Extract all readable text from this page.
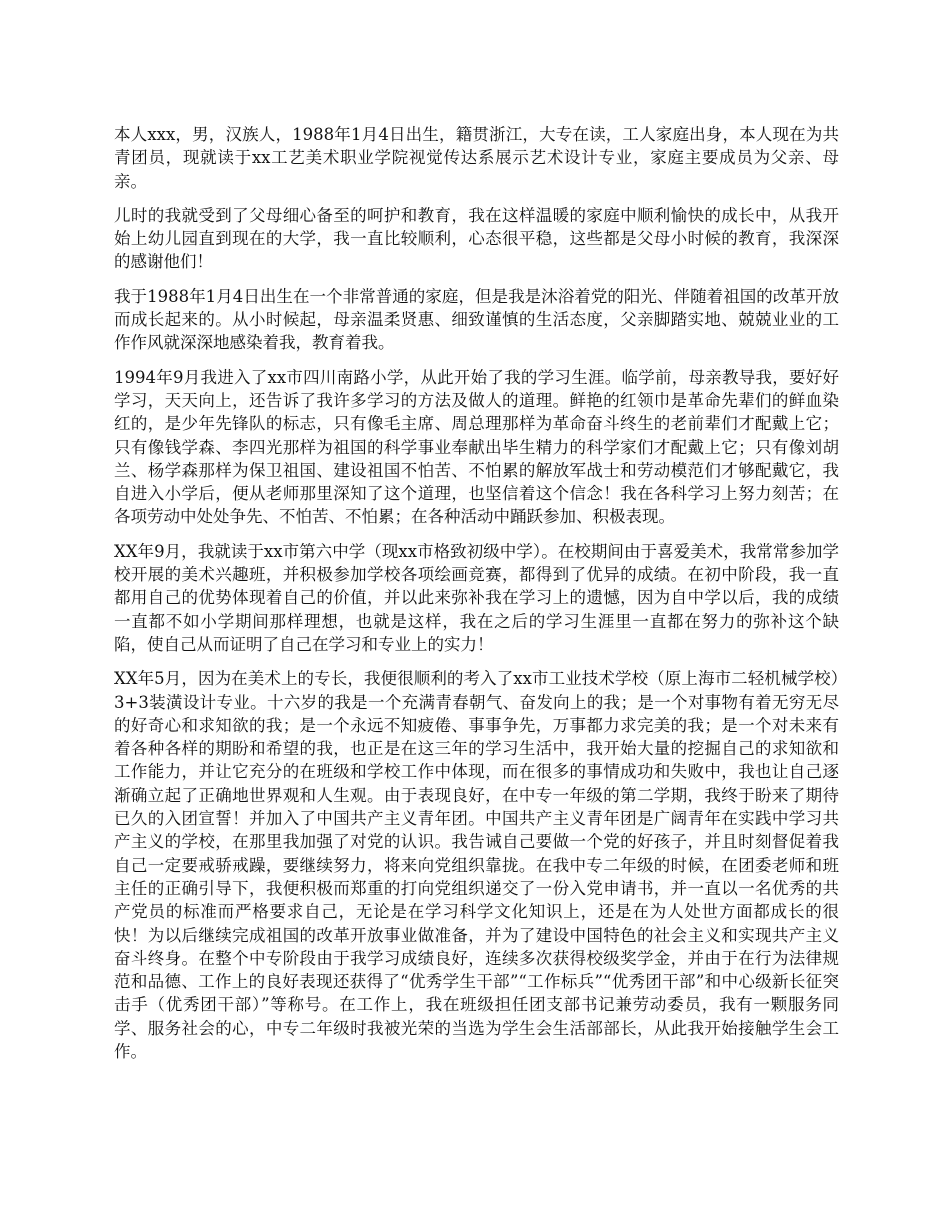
本人xxx，男，汉族人，1988年1月4日出生，籍贯浙江，大专在读，工人家庭出身，本人现在为共青团员，现就读于xx工艺美术职业学院视觉传达系展示艺术设计专业，家庭主要成员为父亲、母亲。

儿时的我就受到了父母细心备至的呵护和教育，我在这样温暖的家庭中顺利愉快的成长中，从我开始上幼儿园直到现在的大学，我一直比较顺利，心态很平稳，这些都是父母小时候的教育，我深深的感谢他们！

我于1988年1月4日出生在一个非常普通的家庭，但是我是沐浴着党的阳光、伴随着祖国的改革开放而成长起来的。从小时候起，母亲温柔贤惠、细致谨慎的生活态度，父亲脚踏实地、兢兢业业的工作作风就深深地感染着我，教育着我。

1994年9月我进入了xx市四川南路小学，从此开始了我的学习生涯。临学前，母亲教导我，要好好学习，天天向上，还告诉了我许多学习的方法及做人的道理。鲜艳的红领巾是革命先辈们的鲜血染红的，是少年先锋队的标志，只有像毛主席、周总理那样为革命奋斗终生的老前辈们才配戴上它；只有像钱学森、李四光那样为祖国的科学事业奉献出毕生精力的科学家们才配戴上它；只有像刘胡兰、杨学森那样为保卫祖国、建设祖国不怕苦、不怕累的解放军战士和劳动模范们才够配戴它，我自进入小学后，便从老师那里深知了这个道理，也坚信着这个信念！我在各科学习上努力刻苦；在各项劳动中处处争先、不怕苦、不怕累；在各种活动中踊跃参加、积极表现。

XX年9月，我就读于xx市第六中学（现xx市格致初级中学）。在校期间由于喜爱美术，我常常参加学校开展的美术兴趣班，并积极参加学校各项绘画竞赛，都得到了优异的成绩。在初中阶段，我一直都用自己的优势体现着自己的价值，并以此来弥补我在学习上的遗憾，因为自中学以后，我的成绩一直都不如小学期间那样理想，也就是这样，我在之后的学习生涯里一直都在努力的弥补这个缺陷，使自己从而证明了自己在学习和专业上的实力！

XX年5月，因为在美术上的专长，我便很顺利的考入了xx市工业技术学校（原上海市二轻机械学校）3+3装潢设计专业。十六岁的我是一个充满青春朝气、奋发向上的我；是一个对事物有着无穷无尽的好奇心和求知欲的我；是一个永远不知疲倦、事事争先，万事都力求完美的我；是一个对未来有着各种各样的期盼和希望的我，也正是在这三年的学习生活中，我开始大量的挖掘自己的求知欲和工作能力，并让它充分的在班级和学校工作中体现，而在很多的事情成功和失败中，我也让自己逐渐确立起了正确地世界观和人生观。由于表现良好，在中专一年级的第二学期，我终于盼来了期待已久的入团宣誓！并加入了中国共产主义青年团。中国共产主义青年团是广阔青年在实践中学习共产主义的学校，在那里我加强了对党的认识。我告诫自己要做一个党的好孩子，并且时刻督促着我自己一定要戒骄戒躁，要继续努力，将来向党组织靠拢。在我中专二年级的时候，在团委老师和班主任的正确引导下，我便积极而郑重的打向党组织递交了一份入党申请书，并一直以一名优秀的共产党员的标准而严格要求自己，无论是在学习科学文化知识上，还是在为人处世方面都成长的很快！为以后继续完成祖国的改革开放事业做准备，并为了建设中国特色的社会主义和实现共产主义奋斗终身。在整个中专阶段由于我学习成绩良好，连续多次获得校级奖学金，并由于在行为法律规范和品德、工作上的良好表现还获得了“优秀学生干部”“工作标兵”“优秀团干部”和中心级新长征突击手（优秀团干部）”等称号。在工作上，我在班级担任团支部书记兼劳动委员，我有一颗服务同学、服务社会的心，中专二年级时我被光荣的当选为学生会生活部部长，从此我开始接触学生会工作。
